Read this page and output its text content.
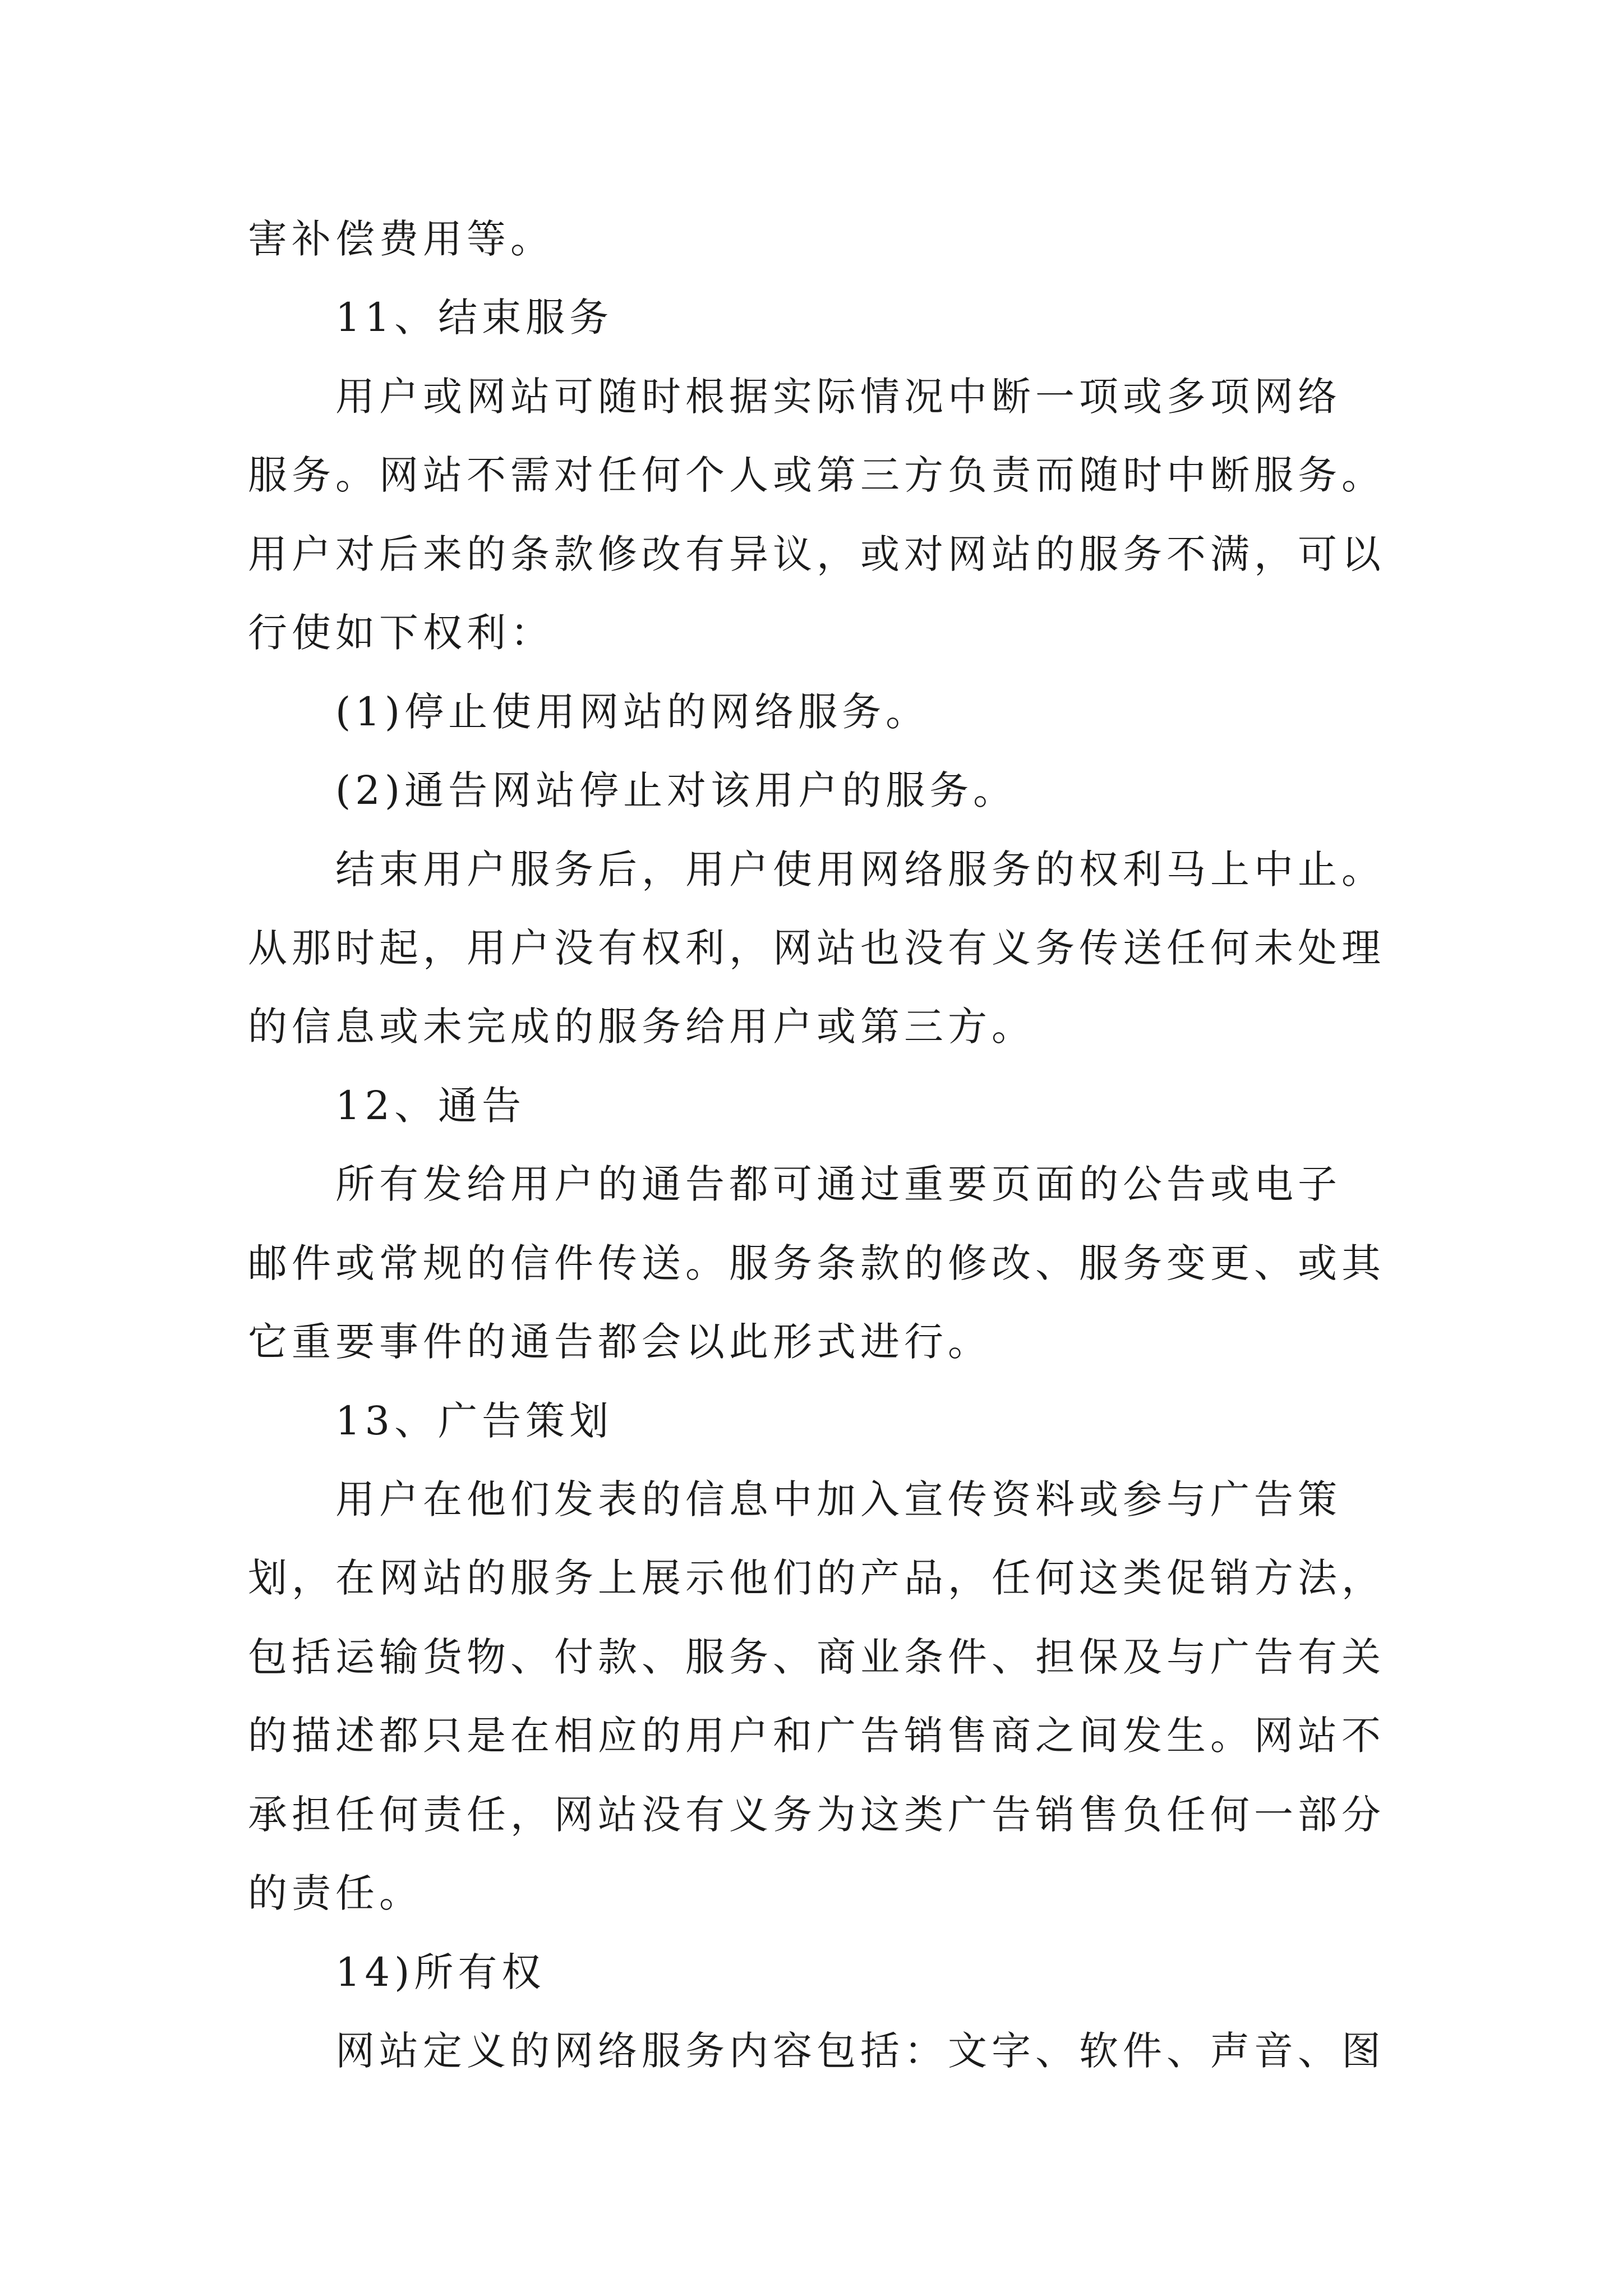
害补偿费用等。
11、结束服务
用户或网站可随时根据实际情况中断一项或多项网络
服务。网站不需对任何个人或第三方负责而随时中断服务。
用户对后来的条款修改有异议，或对网站的服务不满，可以
行使如下权利：
(1)停止使用网站的网络服务。
(2)通告网站停止对该用户的服务。
结束用户服务后，用户使用网络服务的权利马上中止。
从那时起，用户没有权利，网站也没有义务传送任何未处理
的信息或未完成的服务给用户或第三方。
12、通告
所有发给用户的通告都可通过重要页面的公告或电子
邮件或常规的信件传送。服务条款的修改、服务变更、或其
它重要事件的通告都会以此形式进行。
13、广告策划
用户在他们发表的信息中加入宣传资料或参与广告策
划，在网站的服务上展示他们的产品，任何这类促销方法，
包括运输货物、付款、服务、商业条件、担保及与广告有关
的描述都只是在相应的用户和广告销售商之间发生。网站不
承担任何责任，网站没有义务为这类广告销售负任何一部分
的责任。
14)所有权
网站定义的网络服务内容包括：文字、软件、声音、图
